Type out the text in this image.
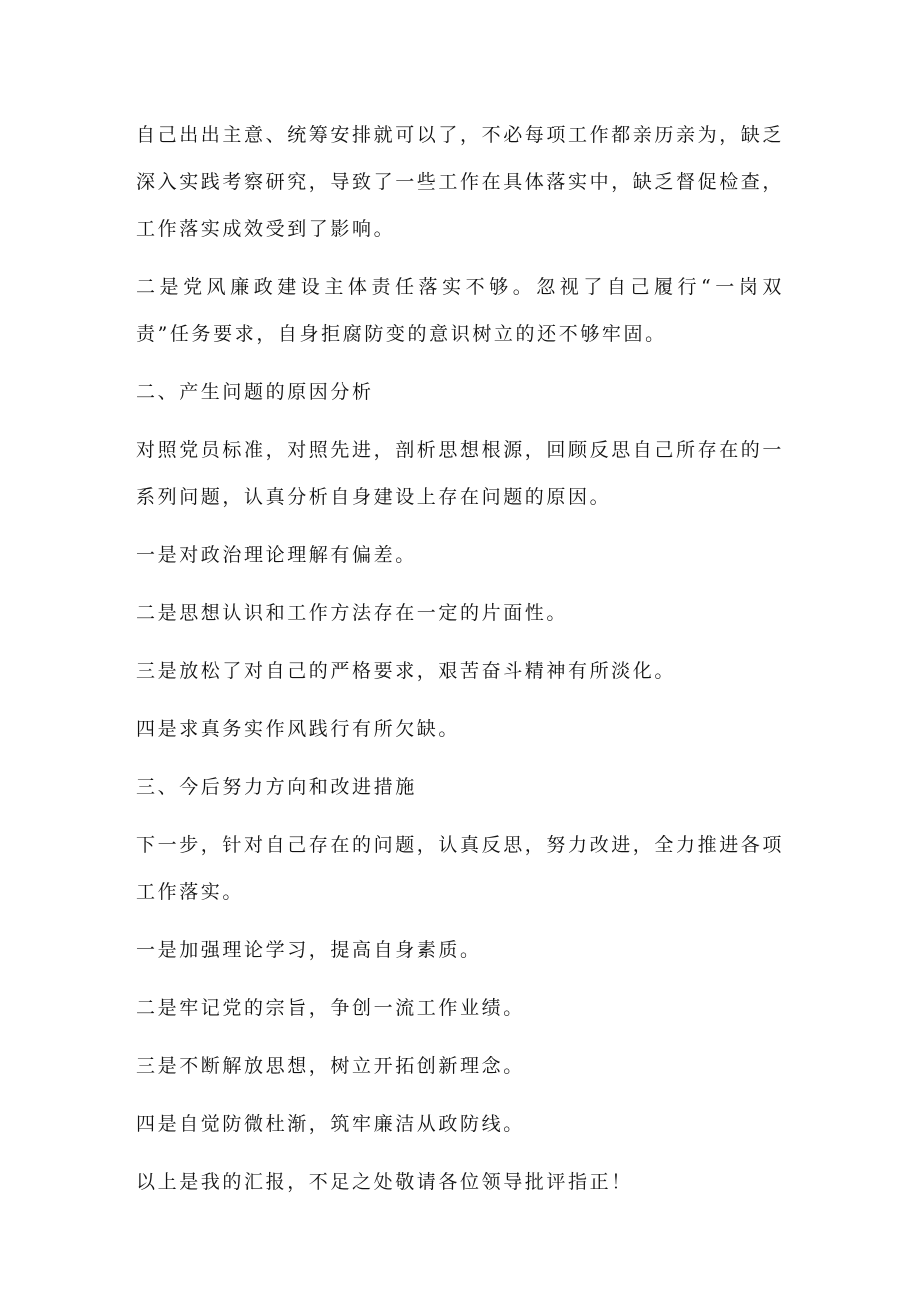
自己出出主意、统筹安排就可以了，不必每项工作都亲历亲为，缺乏深入实践考察研究，导致了一些工作在具体落实中，缺乏督促检查，工作落实成效受到了影响。

二是党风廉政建设主体责任落实不够。忽视了自己履行“一岗双责”任务要求，自身拒腐防变的意识树立的还不够牢固。

二、产生问题的原因分析

对照党员标准，对照先进，剖析思想根源，回顾反思自己所存在的一系列问题，认真分析自身建设上存在问题的原因。

一是对政治理论理解有偏差。

二是思想认识和工作方法存在一定的片面性。

三是放松了对自己的严格要求，艰苦奋斗精神有所淡化。

四是求真务实作风践行有所欠缺。

三、今后努力方向和改进措施

下一步，针对自己存在的问题，认真反思，努力改进，全力推进各项工作落实。

一是加强理论学习，提高自身素质。

二是牢记党的宗旨，争创一流工作业绩。

三是不断解放思想，树立开拓创新理念。

四是自觉防微杜渐，筑牢廉洁从政防线。

以上是我的汇报，不足之处敬请各位领导批评指正！
